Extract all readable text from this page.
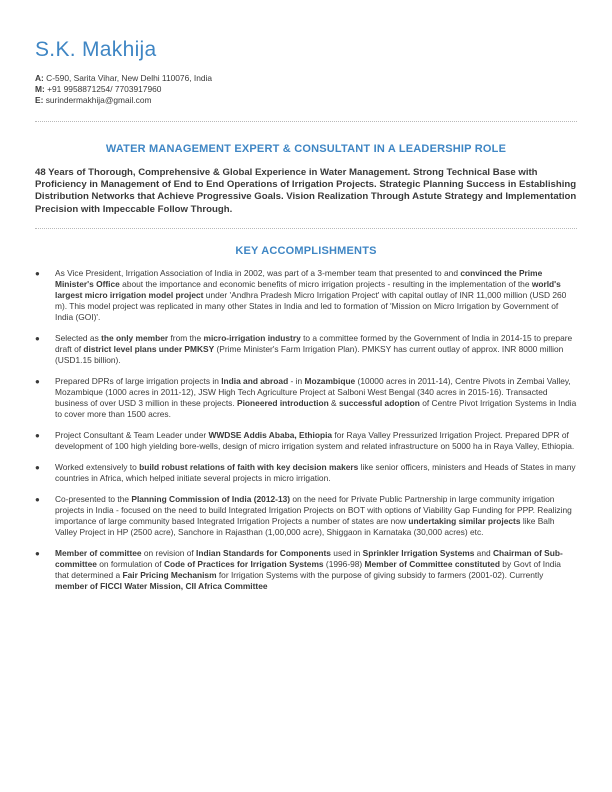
S.K. Makhija
A: C-590, Sarita Vihar, New Delhi 110076, India
M: +91 9958871254/ 7703917960
E: surindermakhija@gmail.com
WATER MANAGEMENT EXPERT & CONSULTANT IN A LEADERSHIP ROLE

48 Years of Thorough, Comprehensive & Global Experience in Water Management. Strong Technical Base with Proficiency in Management of End to End Operations of Irrigation Projects. Strategic Planning Success in Establishing Distribution Networks that Achieve Progressive Goals. Vision Realization Through Astute Strategy and Implementation Precision with Impeccable Follow Through.

KEY ACCOMPLISHMENTS
● As Vice President, Irrigation Association of India in 2002, was part of a 3-member team that presented to and convinced the Prime Minister's Office about the importance and economic benefits of micro irrigation projects - resulting in the implementation of the world's largest micro irrigation model project under 'Andhra Pradesh Micro Irrigation Project' with capital outlay of INR 11,000 million (USD 260 m). This model project was replicated in many other States in India and led to formation of 'Mission on Micro Irrigation by Government of India (GOI)'.
● Selected as the only member from the micro-irrigation industry to a committee formed by the Government of India in 2014-15 to prepare draft of district level plans under PMKSY (Prime Minister's Farm Irrigation Plan). PMKSY has current outlay of approx. INR 8000 million (USD1.15 billion).
● Prepared DPRs of large irrigation projects in India and abroad - in Mozambique (10000 acres in 2011-14), Centre Pivots in Zembai Valley, Mozambique (1000 acres in 2011-12), JSW High Tech Agriculture Project at Salboni West Bengal (340 acres in 2015-16). Transacted business of over USD 3 million in these projects. Pioneered introduction & successful adoption of Centre Pivot Irrigation Systems in India to cover more than 1500 acres.
● Project Consultant & Team Leader under WWDSE Addis Ababa, Ethiopia for Raya Valley Pressurized Irrigation Project. Prepared DPR of development of 100 high yielding bore-wells, design of micro irrigation system and related infrastructure on 5000 ha in Raya Valley, Ethiopia.
● Worked extensively to build robust relations of faith with key decision makers like senior officers, ministers and Heads of States in many countries in Africa, which helped initiate several projects in micro irrigation.
● Co-presented to the Planning Commission of India (2012-13) on the need for Private Public Partnership in large community irrigation projects in India - focused on the need to build Integrated Irrigation Projects on BOT with options of Viability Gap Funding for PPP. Realizing importance of large community based Integrated Irrigation Projects a number of states are now undertaking similar projects like Balh Valley Project in HP (2500 acre), Sanchore in Rajasthan (1,00,000 acre), Shiggaon in Karnataka (30,000 acres) etc.
● Member of committee on revision of Indian Standards for Components used in Sprinkler Irrigation Systems and Chairman of Sub-committee on formulation of Code of Practices for Irrigation Systems (1996-98) Member of Committee constituted by Govt of India that determined a Fair Pricing Mechanism for Irrigation Systems with the purpose of giving subsidy to farmers (2001-02). Currently member of FICCI Water Mission, CII Africa Committee
